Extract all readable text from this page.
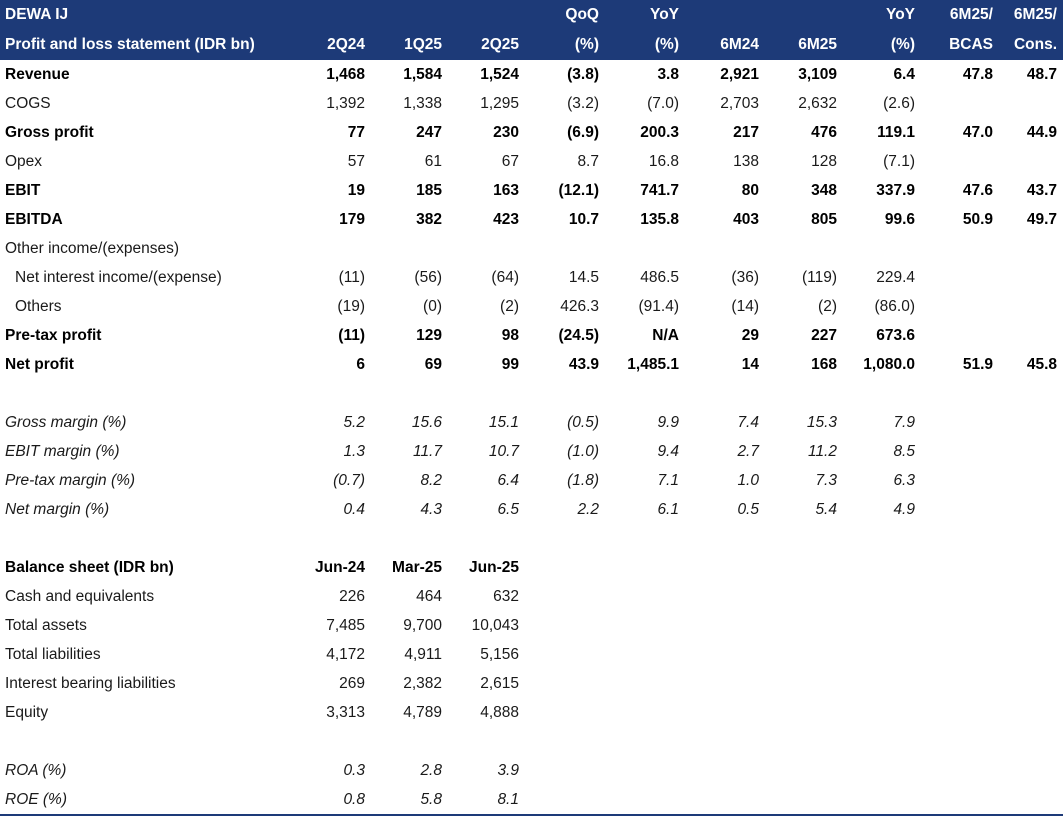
DEWA IJ				QoQ	YoY			YoY	6M25/	6M25/
Profit and loss statement (IDR bn)	2Q24	1Q25	2Q25	(%)	(%)	6M24	6M25	(%)	BCAS	Cons.
Revenue	1,468	1,584	1,524	(3.8)	3.8	2,921	3,109	6.4	47.8	48.7
COGS	1,392	1,338	1,295	(3.2)	(7.0)	2,703	2,632	(2.6)		
Gross profit	77	247	230	(6.9)	200.3	217	476	119.1	47.0	44.9
Opex	57	61	67	8.7	16.8	138	128	(7.1)		
EBIT	19	185	163	(12.1)	741.7	80	348	337.9	47.6	43.7
EBITDA	179	382	423	10.7	135.8	403	805	99.6	50.9	49.7
Other income/(expenses)										
Net interest income/(expense)	(11)	(56)	(64)	14.5	486.5	(36)	(119)	229.4		
Others	(19)	(0)	(2)	426.3	(91.4)	(14)	(2)	(86.0)		
Pre-tax profit	(11)	129	98	(24.5)	N/A	29	227	673.6		
Net profit	6	69	99	43.9	1,485.1	14	168	1,080.0	51.9	45.8

Gross margin (%)	5.2	15.6	15.1	(0.5)	9.9	7.4	15.3	7.9		
EBIT margin (%)	1.3	11.7	10.7	(1.0)	9.4	2.7	11.2	8.5		
Pre-tax margin (%)	(0.7)	8.2	6.4	(1.8)	7.1	1.0	7.3	6.3		
Net margin (%)	0.4	4.3	6.5	2.2	6.1	0.5	5.4	4.9		

Balance sheet (IDR bn)	Jun-24	Mar-25	Jun-25							
Cash and equivalents	226	464	632							
Total assets	7,485	9,700	10,043							
Total liabilities	4,172	4,911	5,156							
Interest bearing liabilities	269	2,382	2,615							
Equity	3,313	4,789	4,888							

ROA (%)	0.3	2.8	3.9							
ROE (%)	0.8	5.8	8.1							
